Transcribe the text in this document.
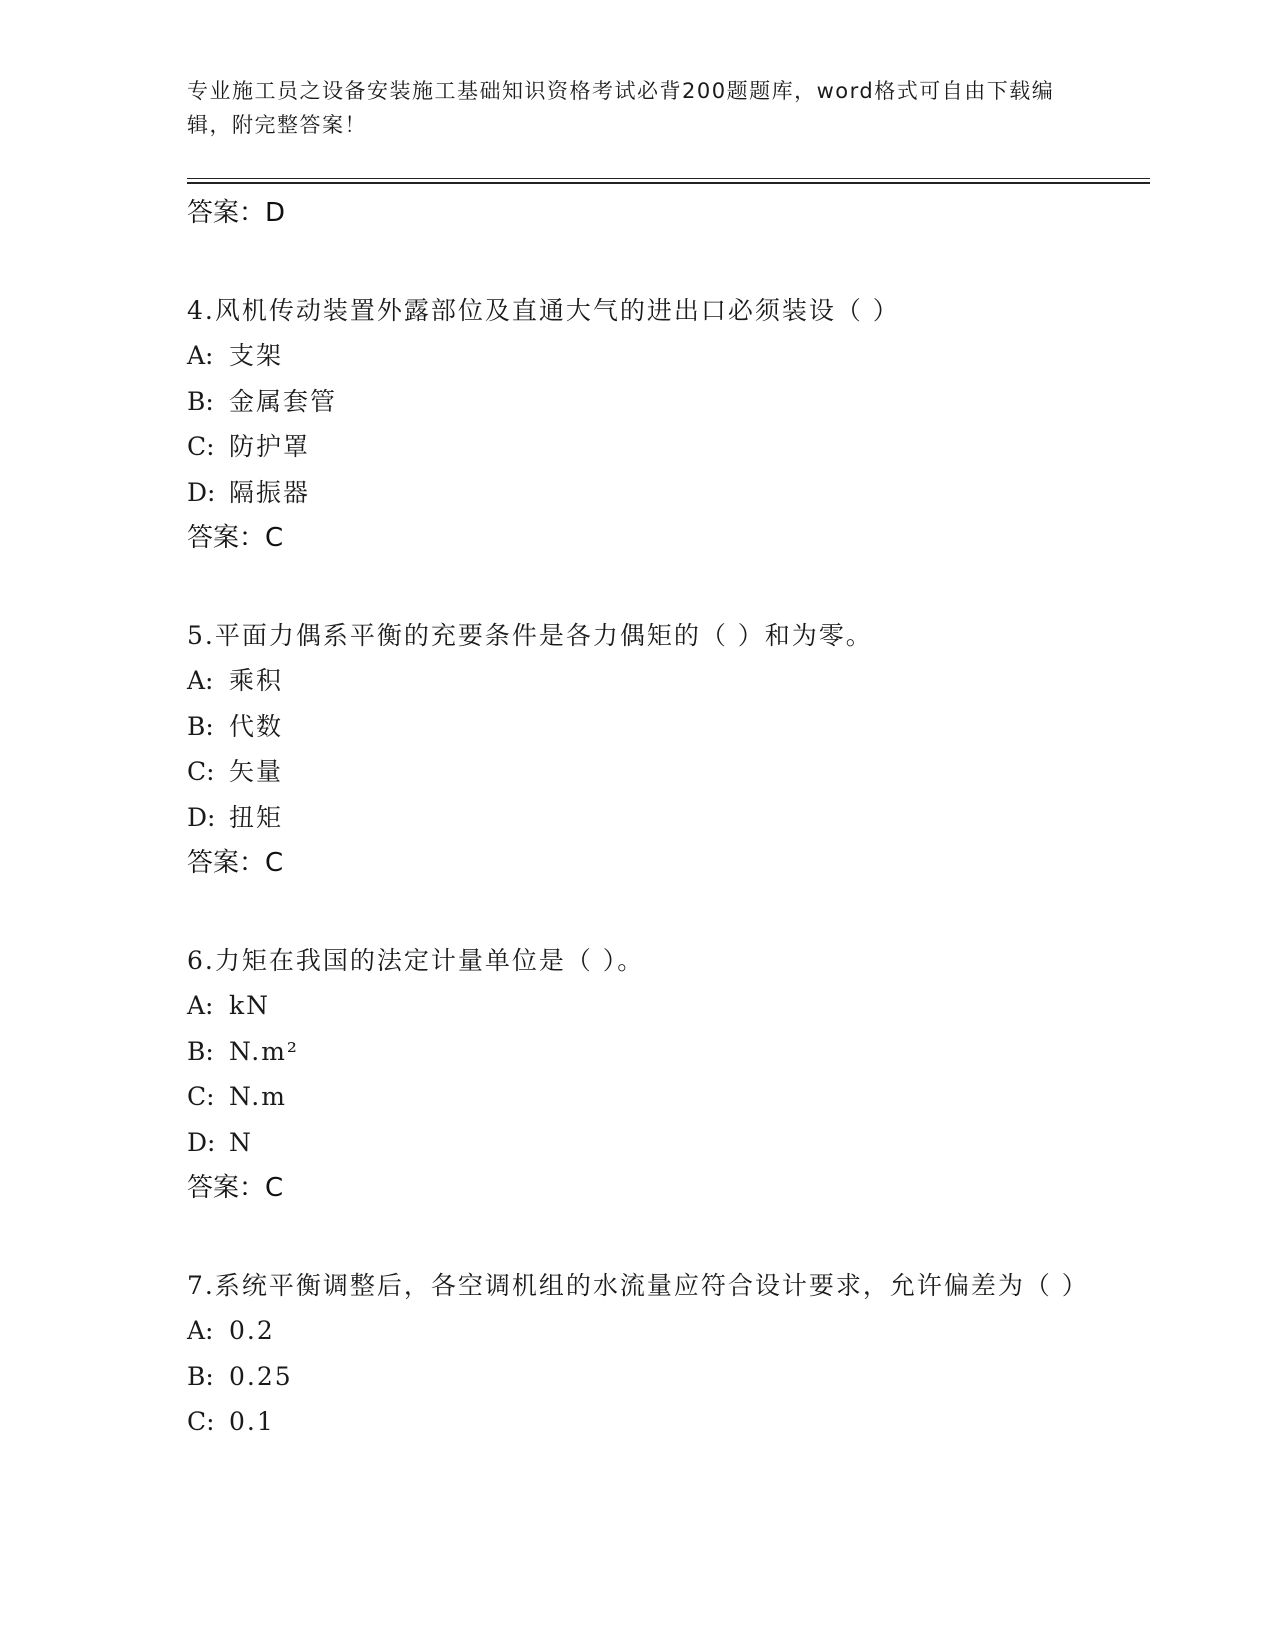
专业施工员之设备安装施工基础知识资格考试必背200题题库，word格式可自由下载编辑，附完整答案！
答案：D
4.风机传动装置外露部位及直通大气的进出口必须装设（ ）
A: 支架
B: 金属套管
C: 防护罩
D: 隔振器
答案：C
5.平面力偶系平衡的充要条件是各力偶矩的（ ）和为零。
A: 乘积
B: 代数
C: 矢量
D: 扭矩
答案：C
6.力矩在我国的法定计量单位是（ ）。
A: kN
B: N.m²
C: N.m
D: N
答案：C
7.系统平衡调整后，各空调机组的水流量应符合设计要求，允许偏差为（ ）
A: 0.2
B: 0.25
C: 0.1
